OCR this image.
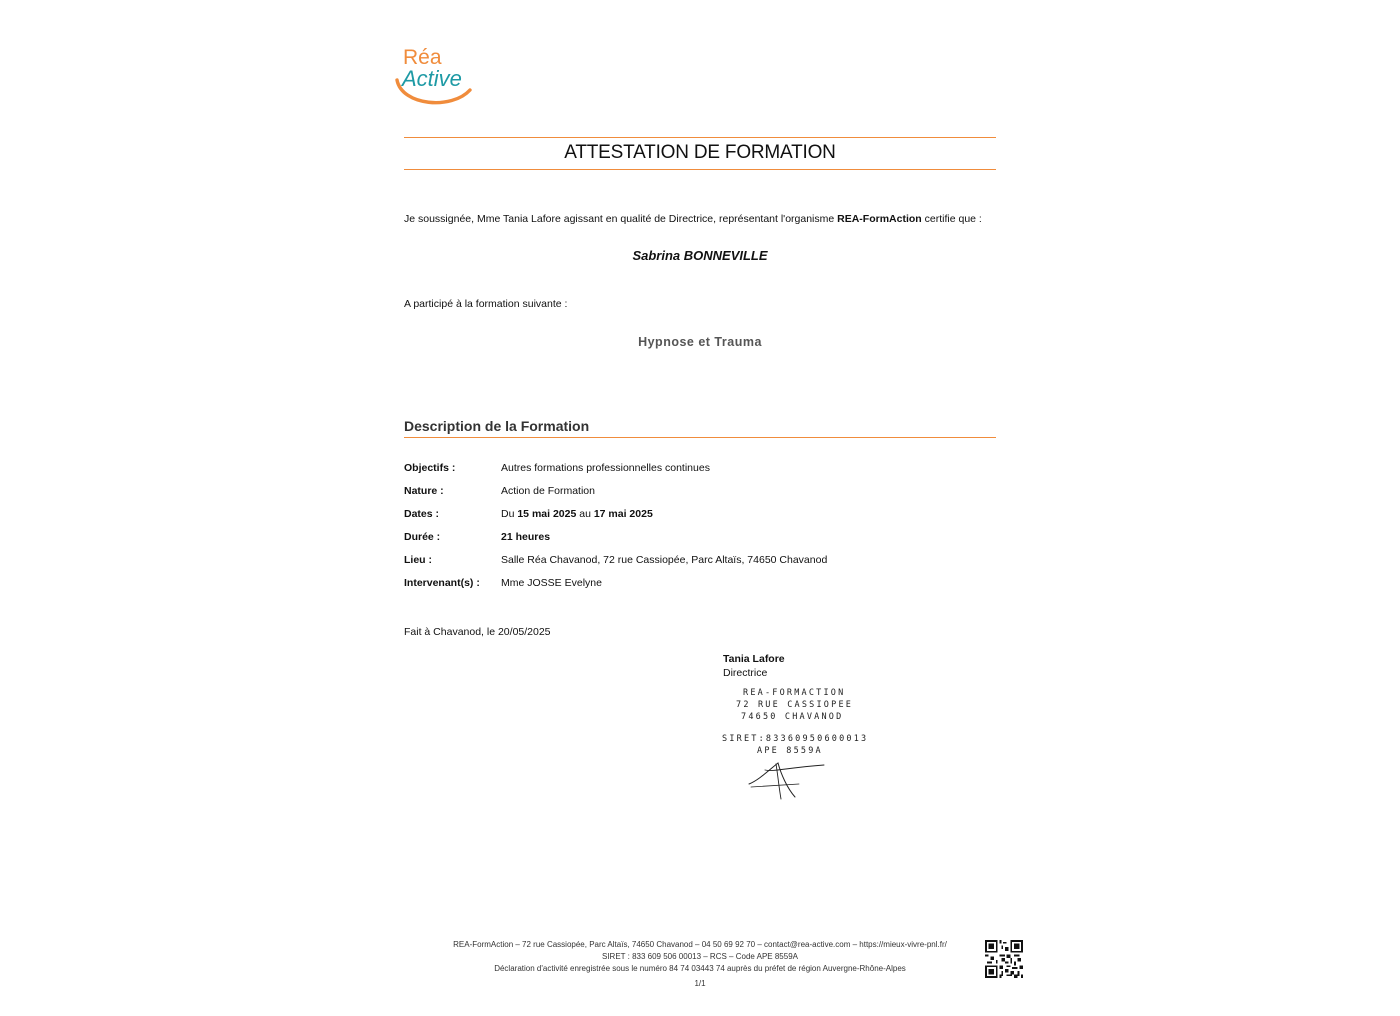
Réa
Active
ATTESTATION DE FORMATION
Je soussignée, Mme Tania Lafore agissant en qualité de Directrice, représentant l'organisme REA-FormAction certifie que :
Sabrina BONNEVILLE
A participé à la formation suivante :
Hypnose et Trauma
Description de la Formation
Objectifs :	Autres formations professionnelles continues
Nature :	Action de Formation
Dates :	Du 15 mai 2025 au 17 mai 2025
Durée :	21 heures
Lieu :	Salle Réa Chavanod, 72 rue Cassiopée, Parc Altaïs, 74650 Chavanod
Intervenant(s) : Mme JOSSE Evelyne
Fait à Chavanod, le 20/05/2025
Tania Lafore
Directrice
REA-FORMACTION
72 RUE CASSIOPEE
74650 CHAVANOD
SIRET:83360950600013
APE 8559A
REA-FormAction – 72 rue Cassiopée, Parc Altaïs, 74650 Chavanod – 04 50 69 92 70 – contact@rea-active.com – https://mieux-vivre-pnl.fr/
SIRET : 833 609 506 00013 – RCS – Code APE 8559A
Déclaration d'activité enregistrée sous le numéro 84 74 03443 74 auprès du préfet de région Auvergne-Rhône-Alpes
1/1
